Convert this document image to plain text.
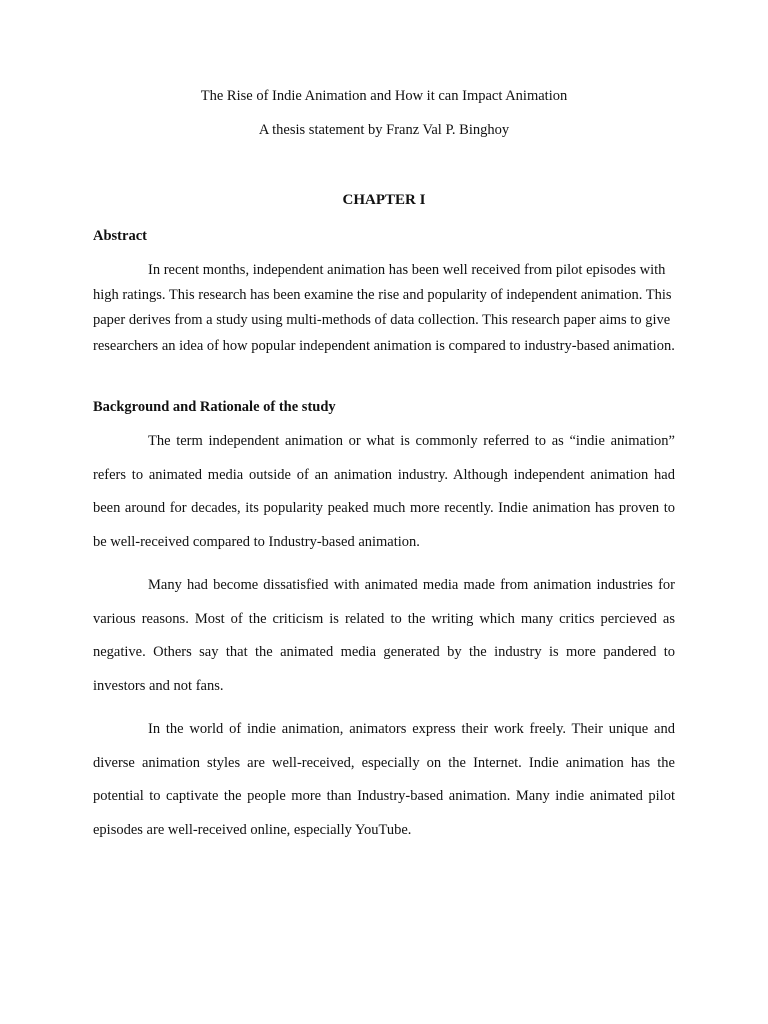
The Rise of Indie Animation and How it can Impact Animation

A thesis statement by Franz Val P. Binghoy

CHAPTER I

Abstract

In recent months, independent animation has been well received from pilot episodes with high ratings. This research has been examine the rise and popularity of independent animation. This paper derives from a study using multi-methods of data collection. This research paper aims to give researchers an idea of how popular independent animation is compared to industry-based animation.

Background and Rationale of the study

The term independent animation or what is commonly referred to as “indie animation” refers to animated media outside of an animation industry. Although independent animation had been around for decades, its popularity peaked much more recently. Indie animation has proven to be well-received compared to Industry-based animation.

Many had become dissatisfied with animated media made from animation industries for various reasons. Most of the criticism is related to the writing which many critics percieved as negative. Others say that the animated media generated by the industry is more pandered to investors and not fans.

In the world of indie animation, animators express their work freely. Their unique and diverse animation styles are well-received, especially on the Internet. Indie animation has the potential to captivate the people more than Industry-based animation. Many indie animated pilot episodes are well-received online, especially YouTube.
